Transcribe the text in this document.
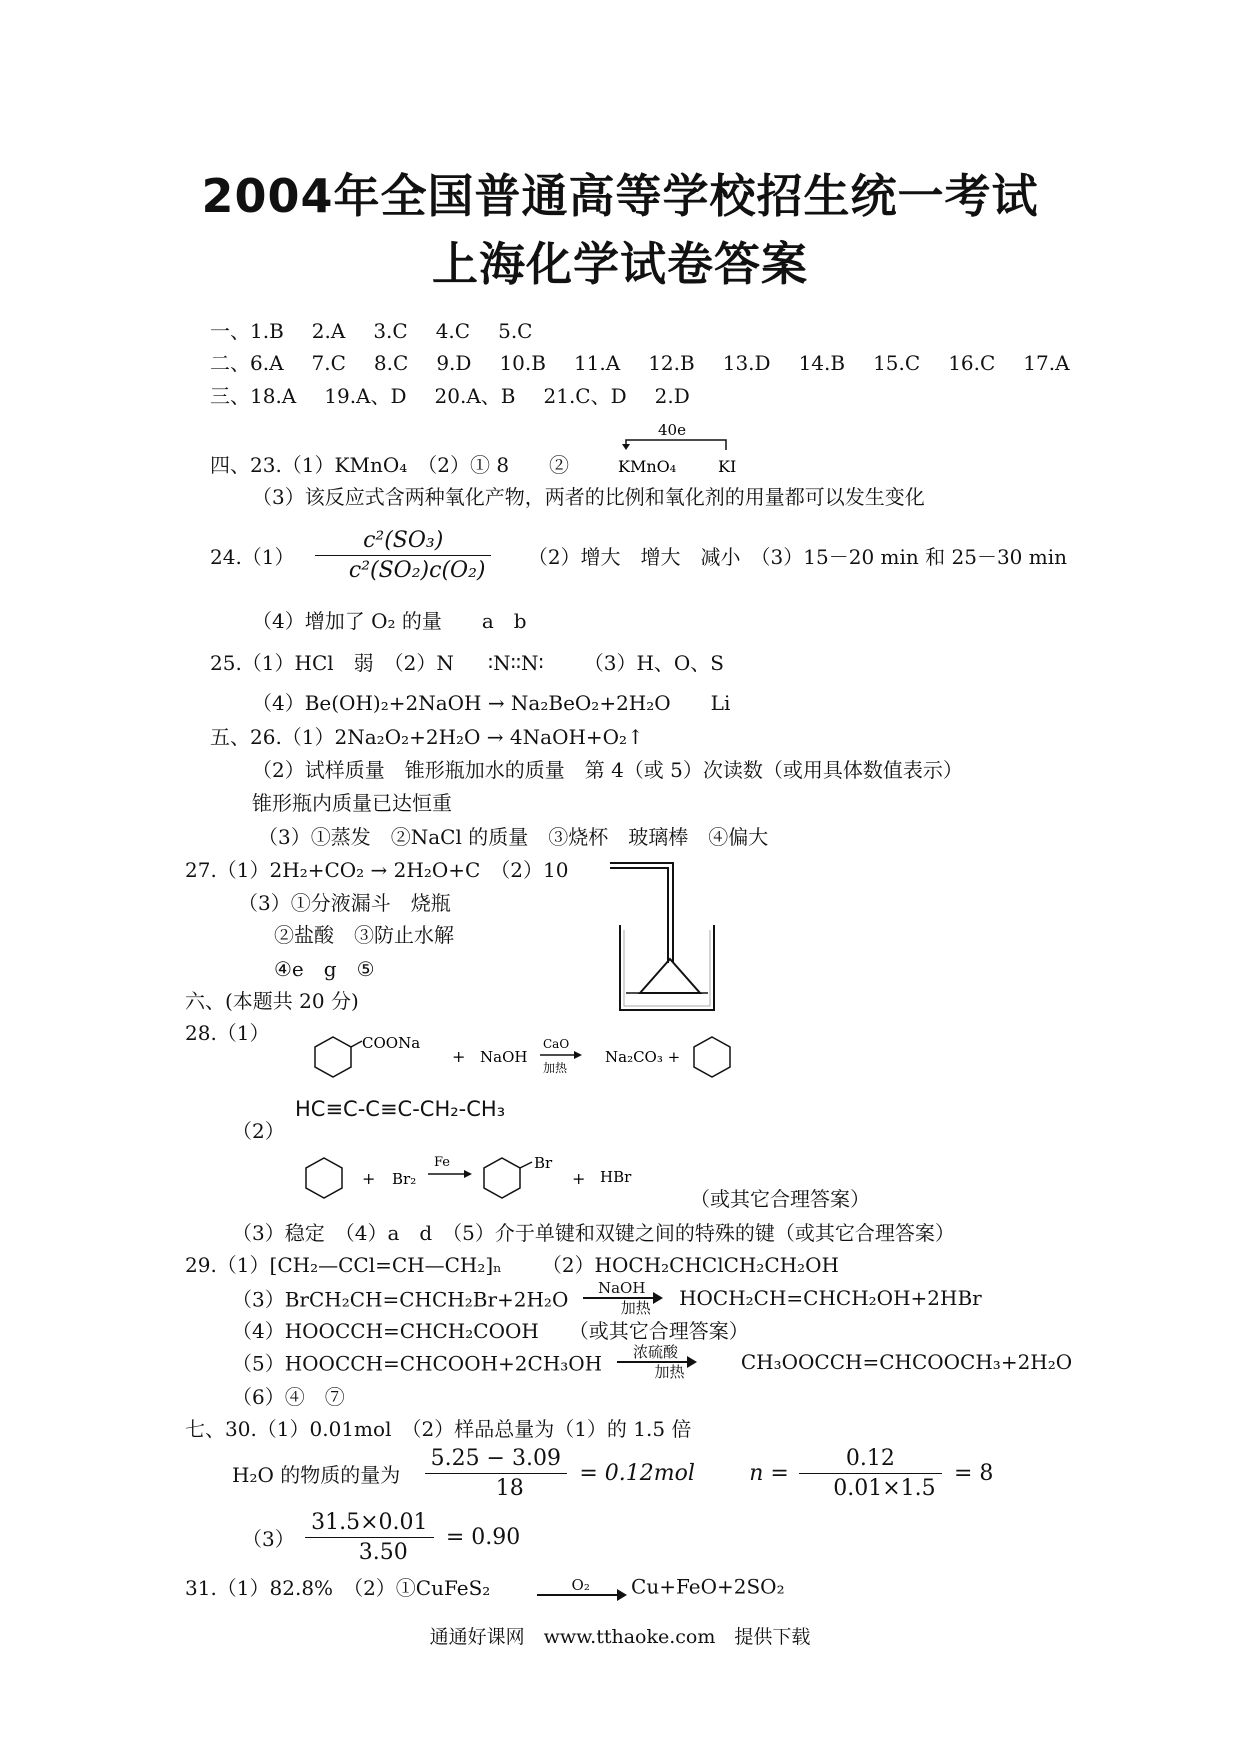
2004年全国普通高等学校招生统一考试
上海化学试卷答案
一、1.B 2.A 3.C 4.C 5.C
二、6.A 7.C 8.C 9.D 10.B 11.A 12.B 13.D 14.B 15.C 16.C 17.A
三、18.A 19.A、D 20.A、B 21.C、D 2.D
四、23.（1）KMnO₄　（2）① 8　　②
40e
KMnO₄	KI
（3）该反应式含两种氧化产物，两者的比例和氧化剂的用量都可以发生变化
$24.(1) \frac{\text{c²(SO₃)}}{\text{c²(SO₂)c(O₂)}} (2)$增大　增大　减小　（3）15－20 min 和 25－30 min
（4）增加了 O₂ 的量　　a　b
25.（1）HCl　弱　（2）N ∶N∶∶N∶ （3）H、O、S
（4）Be(OH)₂+2NaOH → Na₂BeO₂+2H₂O　　Li
五、26.（1）2Na₂O₂+2H₂O → 4NaOH+O₂↑
（2）试样质量　锥形瓶加水的质量　第 4（或 5）次读数（或用具体数值表示）
锥形瓶内质量已达恒重
（3）①蒸发　②NaCl 的质量　③烧杯　玻璃棒　④偏大
27.（1）2H₂+CO₂ → 2H₂O+C　（2）10
（3）①分液漏斗　烧瓶
②盐酸　③防止水解
④e　g　⑤
六、(本题共 20 分)
28.（1）	COONa
+ NaOH
CaO
加热
Na₂CO₃ +
（2）
HC≡C-C≡C-CH₂-CH₃
+ Br₂
Fe	Br
+ HBr
（或其它合理答案）
（3）稳定　（4）a　d　（5）介于单键和双键之间的特殊的键（或其它合理答案）
29.（1）[CH₂—CCl=CH—CH₂]ₙ （2）HOCH₂CHClCH₂CH₂OH
（3）BrCH₂CH=CHCH₂Br+2H₂O	NaOH
加热	HOCH₂CH=CHCH₂OH+2HBr
（4）HOOCCH=CHCH₂COOH　　（或其它合理答案）
（5）HOOCCH=CHCOOH+2CH₃OH	浓硫酸
加热	CH₃OOCCH=CHCOOCH₃+2H₂O
（6）④　⑦
七、30.（1）0.01mol　（2）样品总量为（1）的 1.5 倍
H₂O 的物质的量为 $\frac{5.25 - 3.09}{18} = 0.12mol$ $n = \frac{0.12}{0.01\times 1.5} = 8$
$(3) \frac{31.5\times 0.01}{3.50} = 0.90$
31.（1）82.8%　（2）①CuFeS₂	O₂	Cu+FeO+2SO₂
通通好课网　www.tthaoke.com　提供下载
